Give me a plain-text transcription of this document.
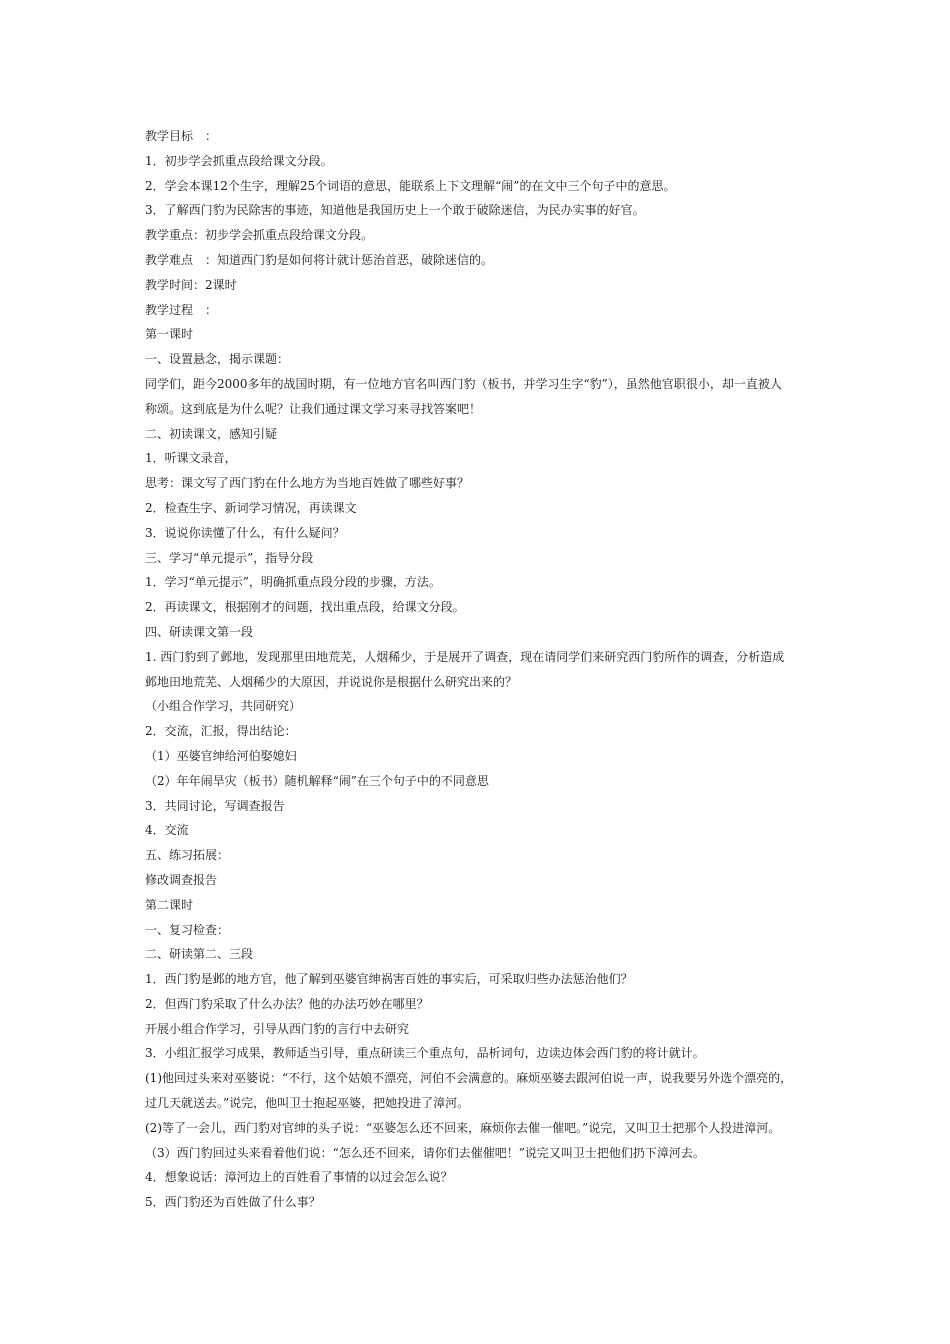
教学目标　：
1．初步学会抓重点段给课文分段。
2．学会本课12个生字，理解25个词语的意思，能联系上下文理解“闹”的在文中三个句子中的意思。
3．了解西门豹为民除害的事迹，知道他是我国历史上一个敢于破除迷信，为民办实事的好官。
教学重点：初步学会抓重点段给课文分段。
教学难点　：知道西门豹是如何将计就计惩治首恶，破除迷信的。
教学时间：2课时
教学过程　：
第一课时
一、设置悬念，揭示课题：
同学们，距今2000多年的战国时期，有一位地方官名叫西门豹（板书，并学习生字“豹”），虽然他官职很小，却一直被人
称颂。这到底是为什么呢？让我们通过课文学习来寻找答案吧！
二、初读课文，感知引疑
1．听课文录音，
思考：课文写了西门豹在什么地方为当地百姓做了哪些好事？
2．检查生字、新词学习情况，再读课文
3．说说你读懂了什么，有什么疑问？
三、学习“单元提示”，指导分段
1．学习“单元提示”，明确抓重点段分段的步骤，方法。
2．再读课文，根据刚才的问题，找出重点段，给课文分段。
四、研读课文第一段
1. 西门豹到了邺地，发现那里田地荒芜，人烟稀少，于是展开了调查，现在请同学们来研究西门豹所作的调查，分析造成
邺地田地荒芜、人烟稀少的大原因，并说说你是根据什么研究出来的？
（小组合作学习，共同研究）
2．交流，汇报，得出结论：
（1）巫婆官绅给河伯娶媳妇
（2）年年闹旱灾（板书）随机解释“闹”在三个句子中的不同意思
3．共同讨论，写调查报告
4．交流
五、练习拓展：
修改调查报告
第二课时
一、复习检查：
二、研读第二、三段
1．西门豹是邺的地方官，他了解到巫婆官绅祸害百姓的事实后，可采取归些办法惩治他们？
2．但西门豹采取了什么办法？他的办法巧妙在哪里？
开展小组合作学习，引导从西门豹的言行中去研究
3．小组汇报学习成果，教师适当引导，重点研读三个重点句，品析词句，边读边体会西门豹的将计就计。
(1)他回过头来对巫婆说：“不行，这个姑娘不漂亮，河伯不会满意的。麻烦巫婆去跟河伯说一声，说我要另外选个漂亮的，
过几天就送去。”说完，他叫卫士抱起巫婆，把她投进了漳河。
(2)等了一会儿，西门豹对官绅的头子说：“巫婆怎么还不回来，麻烦你去催一催吧。”说完，又叫卫士把那个人投进漳河。
（3）西门豹回过头来看着他们说：“怎么还不回来，请你们去催催吧！”说完又叫卫士把他们扔下漳河去。
4．想象说话：漳河边上的百姓看了事情的以过会怎么说？
5．西门豹还为百姓做了什么事？
